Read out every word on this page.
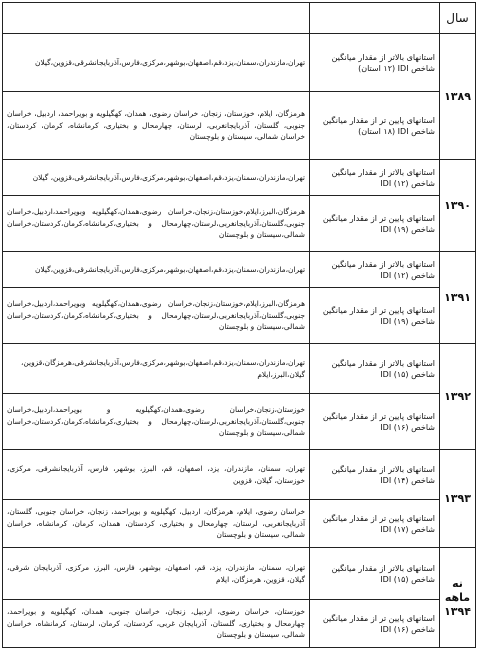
سال		
۱۳۸۹	استانهای بالاتر از مقدار میانگین شاخص IDI (۱۲ استان)	تهران،مازندران،سمنان،یزد،قم،اصفهان،بوشهر،مرکزی،فارس،آذربایجانشرقی،قزوین،گیلان
	استانهای پایین تر از مقدار میانگین شاخص IDI (۱۸ استان)	هرمزگان، ایلام، خوزستان، زنجان، خراسان رضوی، همدان، کهگیلویه و بویراحمد، اردبیل، خراسان جنوبی، گلستان، آذربایجانغربی، لرستان، چهارمحال و بختیاری، کرمانشاه، کرمان، کردستان، خراسان شمالی، سیستان و بلوچستان
۱۳۹۰	استانهای بالاتر از مقدار میانگین شاخص IDI (۱۲)	تهران،مازندران،سمنان،یزد،قم،اصفهان،بوشهر،مرکزی،فارس،آذربایجانشرقی،قزوین، گیلان
	استانهای پایین تر از مقدار میانگین شاخص IDI (۱۹)	هرمزگان،البرز،ایلام،خوزستان،زنجان،خراسان رضوی،همدان،کهگیلویه وبویراحمد،اردبیل،خراسان جنوبی،گلستان،آذربایجانغربی،لرستان،چهارمحال و بختیاری،کرمانشاه،کرمان،کردستان،خراسان شمالی،سیستان و بلوچستان
۱۳۹۱	استانهای بالاتر از مقدار میانگین شاخص IDI (۱۲)	تهران،مازندران،سمنان،یزد،قم،اصفهان،بوشهر،مرکزی،فارس،آذربایجانشرقی،قزوین،گیلان
	استانهای پایین تر از مقدار میانگین شاخص IDI (۱۹)	هرمزگان،البرز،ایلام،خوزستان،زنجان،خراسان رضوی،همدان،کهگیلویه وبویراحمد،اردبیل،خراسان جنوبی،گلستان،آذربایجانغربی،لرستان،چهارمحال و بختیاری،کرمانشاه،کرمان،کردستان،خراسان شمالی،سیستان و بلوچستان
۱۳۹۲	استانهای بالاتر از مقدار میانگین شاخص IDI (۱۵)	تهران،مازندران،سمنان،یزد،قم،اصفهان،بوشهر،مرکزی،فارس،آذربایجانشرقی،هرمزگان،قزوین، گیلان،البرز،ایلام
	استانهای پایین تر از مقدار میانگین شاخص IDI (۱۶)	خوزستان،زنجان،خراسان رضوی،همدان،کهگیلویه و بویراحمد،اردبیل،خراسان جنوبی،گلستان،آذربایجانغربی،لرستان،چهارمحال و بختیاری،کرمانشاه،کرمان،کردستان،خراسان شمالی،سیستان و بلوچستان
۱۳۹۳	استانهای بالاتر از مقدار میانگین شاخص IDI (۱۴)	تهران، سمنان، مازندران، یزد، اصفهان، قم، البرز، بوشهر، فارس، آذربایجانشرقی، مرکزی، خوزستان، گیلان، قزوین
	استانهای پایین تر از مقدار میانگین شاخص IDI (۱۷)	خراسان رضوی، ایلام، هرمزگان، اردبیل، کهگیلویه و بویراحمد، زنجان، خراسان جنوبی، گلستان، آذربایجانغربی، لرستان، چهارمحال و بختیاری، کردستان، همدان، کرمان، کرمانشاه، خراسان شمالی، سیستان و بلوچستان
نه ماهه ۱۳۹۴	استانهای بالاتر از مقدار میانگین شاخص IDI (۱۵)	تهران، سمنان، مازندران، یزد، قم، اصفهان، بوشهر، فارس، البرز، مرکزی، آذربایجان شرقی، گیلان، قزوین، هرمزگان، ایلام
	استانهای پایین تر از مقدار میانگین شاخص IDI (۱۶)	خوزستان، خراسان رضوی، اردبیل، زنجان، خراسان جنوبی، همدان، کهگیلویه و بویراحمد، چهارمحال و بختیاری، گلستان، آذربایجان غربی، کردستان، کرمان، لرستان، کرمانشاه، خراسان شمالی، سیستان و بلوچستان
